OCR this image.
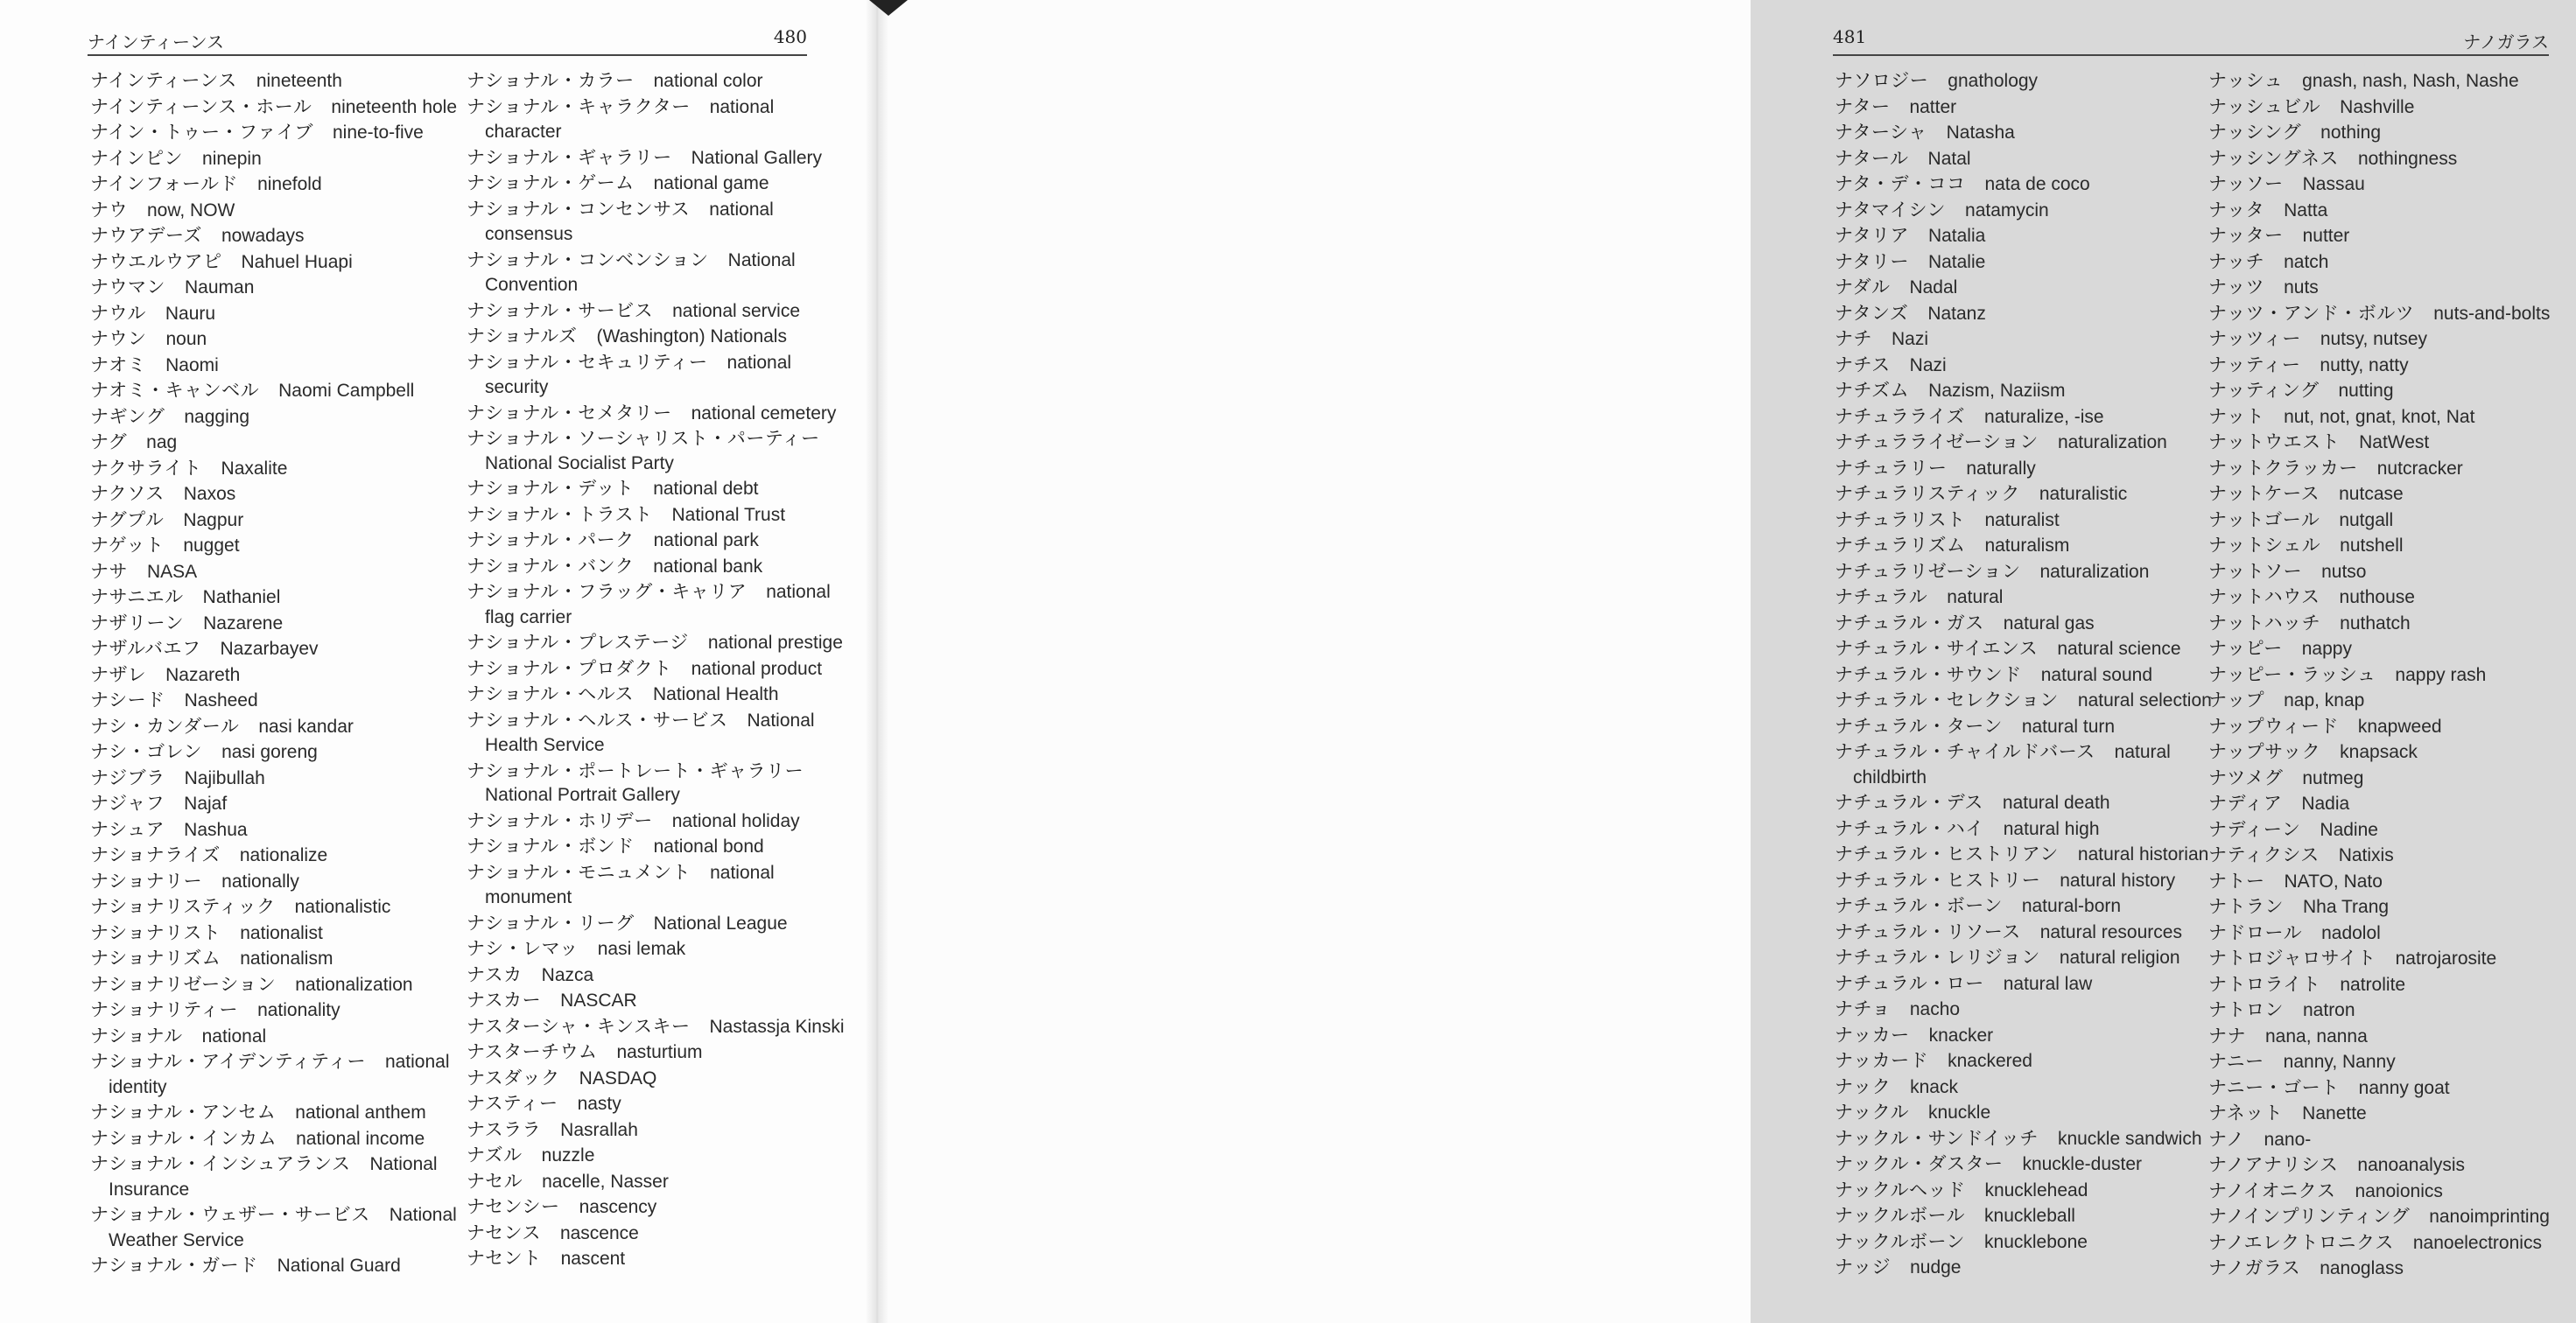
ナインティーンス	480
ナインティーンス nineteenth
ナインティーンス・ホール nineteenth hole
ナイン・トゥー・ファイブ nine-to-five
ナインピン ninepin
ナインフォールド ninefold
ナウ now, NOW
ナウアデーズ nowadays
ナウエルウアピ Nahuel Huapi
ナウマン Nauman
ナウル Nauru
ナウン noun
ナオミ Naomi
ナオミ・キャンベル Naomi Campbell
ナギング nagging
ナグ nag
ナクサライト Naxalite
ナクソス Naxos
ナグプル Nagpur
ナゲット nugget
ナサ NASA
ナサニエル Nathaniel
ナザリーン Nazarene
ナザルバエフ Nazarbayev
ナザレ Nazareth
ナシード Nasheed
ナシ・カンダール nasi kandar
ナシ・ゴレン nasi goreng
ナジブラ Najibullah
ナジャフ Najaf
ナシュア Nashua
ナショナライズ nationalize
ナショナリー nationally
ナショナリスティック nationalistic
ナショナリスト nationalist
ナショナリズム nationalism
ナショナリゼーション nationalization
ナショナリティー nationality
ナショナル national
ナショナル・アイデンティティー national
identity
ナショナル・アンセム national anthem
ナショナル・インカム national income
ナショナル・インシュアランス National
Insurance
ナショナル・ウェザー・サービス National
Weather Service
ナショナル・ガード National Guard
ナショナル・カラー national color
ナショナル・キャラクター national
character
ナショナル・ギャラリー National Gallery
ナショナル・ゲーム national game
ナショナル・コンセンサス national
consensus
ナショナル・コンベンション National
Convention
ナショナル・サービス national service
ナショナルズ (Washington) Nationals
ナショナル・セキュリティー national
security
ナショナル・セメタリー national cemetery
ナショナル・ソーシャリスト・パーティー
National Socialist Party
ナショナル・デット national debt
ナショナル・トラスト National Trust
ナショナル・パーク national park
ナショナル・バンク national bank
ナショナル・フラッグ・キャリア national
flag carrier
ナショナル・プレステージ national prestige
ナショナル・プロダクト national product
ナショナル・ヘルス National Health
ナショナル・ヘルス・サービス National
Health Service
ナショナル・ポートレート・ギャラリー
National Portrait Gallery
ナショナル・ホリデー national holiday
ナショナル・ボンド national bond
ナショナル・モニュメント national
monument
ナショナル・リーグ National League
ナシ・レマッ nasi lemak
ナスカ Nazca
ナスカー NASCAR
ナスターシャ・キンスキー Nastassja Kinski
ナスターチウム nasturtium
ナスダック NASDAQ
ナスティー nasty
ナスララ Nasrallah
ナズル nuzzle
ナセル nacelle, Nasser
ナセンシー nascency
ナセンス nascence
ナセント nascent
481	ナノガラス
ナソロジー gnathology
ナター natter
ナターシャ Natasha
ナタール Natal
ナタ・デ・ココ nata de coco
ナタマイシン natamycin
ナタリア Natalia
ナタリー Natalie
ナダル Nadal
ナタンズ Natanz
ナチ Nazi
ナチス Nazi
ナチズム Nazism, Naziism
ナチュラライズ naturalize, -ise
ナチュラライゼーション naturalization
ナチュラリー naturally
ナチュラリスティック naturalistic
ナチュラリスト naturalist
ナチュラリズム naturalism
ナチュラリゼーション naturalization
ナチュラル natural
ナチュラル・ガス natural gas
ナチュラル・サイエンス natural science
ナチュラル・サウンド natural sound
ナチュラル・セレクション natural selection
ナチュラル・ターン natural turn
ナチュラル・チャイルドバース natural
childbirth
ナチュラル・デス natural death
ナチュラル・ハイ natural high
ナチュラル・ヒストリアン natural historian
ナチュラル・ヒストリー natural history
ナチュラル・ボーン natural-born
ナチュラル・リソース natural resources
ナチュラル・レリジョン natural religion
ナチュラル・ロー natural law
ナチョ nacho
ナッカー knacker
ナッカード knackered
ナック knack
ナックル knuckle
ナックル・サンドイッチ knuckle sandwich
ナックル・ダスター knuckle-duster
ナックルヘッド knucklehead
ナックルボール knuckleball
ナックルボーン knucklebone
ナッジ nudge
ナッシュ gnash, nash, Nash, Nashe
ナッシュビル Nashville
ナッシング nothing
ナッシングネス nothingness
ナッソー Nassau
ナッタ Natta
ナッター nutter
ナッチ natch
ナッツ nuts
ナッツ・アンド・ボルツ nuts-and-bolts
ナッツィー nutsy, nutsey
ナッティー nutty, natty
ナッティング nutting
ナット nut, not, gnat, knot, Nat
ナットウエスト NatWest
ナットクラッカー nutcracker
ナットケース nutcase
ナットゴール nutgall
ナットシェル nutshell
ナットソー nutso
ナットハウス nuthouse
ナットハッチ nuthatch
ナッピー nappy
ナッピー・ラッシュ nappy rash
ナップ nap, knap
ナップウィード knapweed
ナップサック knapsack
ナツメグ nutmeg
ナディア Nadia
ナディーン Nadine
ナティクシス Natixis
ナトー NATO, Nato
ナトラン Nha Trang
ナドロール nadolol
ナトロジャロサイト natrojarosite
ナトロライト natrolite
ナトロン natron
ナナ nana, nanna
ナニー nanny, Nanny
ナニー・ゴート nanny goat
ナネット Nanette
ナノ nano-
ナノアナリシス nanoanalysis
ナノイオニクス nanoionics
ナノインプリンティング nanoimprinting
ナノエレクトロニクス nanoelectronics
ナノガラス nanoglass
